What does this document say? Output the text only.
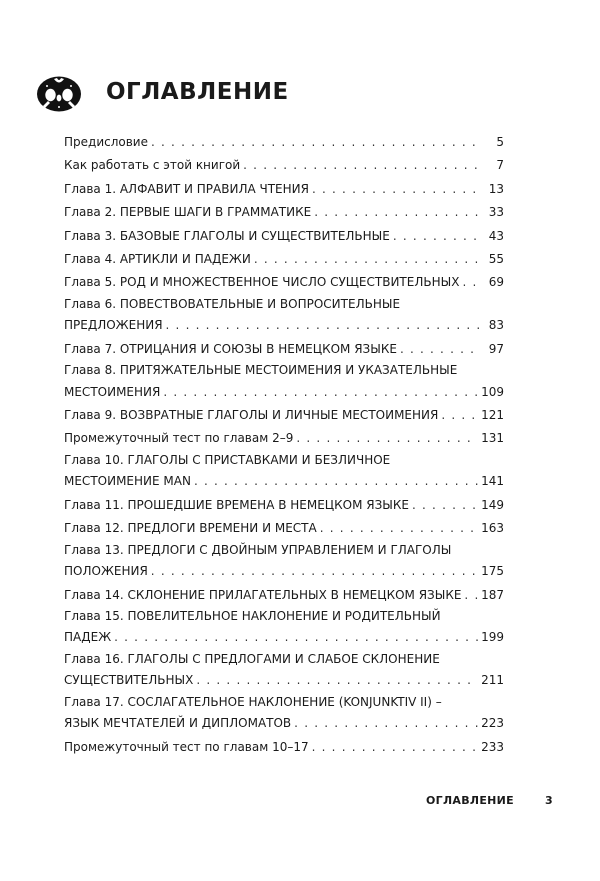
ОГЛАВЛЕНИЕ
Предисловие . . .	5
Как работать с этой книгой . . .	7
Глава 1. АЛФАВИТ И ПРАВИЛА ЧТЕНИЯ . . .	13
Глава 2. ПЕРВЫЕ ШАГИ В ГРАММАТИКЕ . . .	33
Глава 3. БАЗОВЫЕ ГЛАГОЛЫ И СУЩЕСТВИТЕЛЬНЫЕ . . .	43
Глава 4. АРТИКЛИ И ПАДЕЖИ . . .	55
Глава 5. РОД И МНОЖЕСТВЕННОЕ ЧИСЛО СУЩЕСТВИТЕЛЬНЫХ . . .	69
Глава 6. ПОВЕСТВОВАТЕЛЬНЫЕ И ВОПРОСИТЕЛЬНЫЕ
ПРЕДЛОЖЕНИЯ . . .	83
Глава 7. ОТРИЦАНИЯ И СОЮЗЫ В НЕМЕЦКОМ ЯЗЫКЕ . . .	97
Глава 8. ПРИТЯЖАТЕЛЬНЫЕ МЕСТОИМЕНИЯ И УКАЗАТЕЛЬНЫЕ
МЕСТОИМЕНИЯ . . .	109
Глава 9. ВОЗВРАТНЫЕ ГЛАГОЛЫ И ЛИЧНЫЕ МЕСТОИМЕНИЯ . . .	121
Промежуточный тест по главам 2–9 . . .	131
Глава 10. ГЛАГОЛЫ С ПРИСТАВКАМИ И БЕЗЛИЧНОЕ
МЕСТОИМЕНИЕ MAN . . .	141
Глава 11. ПРОШЕДШИЕ ВРЕМЕНА В НЕМЕЦКОМ ЯЗЫКЕ . . .	149
Глава 12. ПРЕДЛОГИ ВРЕМЕНИ И МЕСТА . . .	163
Глава 13. ПРЕДЛОГИ С ДВОЙНЫМ УПРАВЛЕНИЕМ И ГЛАГОЛЫ
ПОЛОЖЕНИЯ . . .	175
Глава 14. СКЛОНЕНИЕ ПРИЛАГАТЕЛЬНЫХ В НЕМЕЦКОМ ЯЗЫКЕ . . . 187
Глава 15. ПОВЕЛИТЕЛЬНОЕ НАКЛОНЕНИЕ И РОДИТЕЛЬНЫЙ
ПАДЕЖ . . .	199
Глава 16. ГЛАГОЛЫ С ПРЕДЛОГАМИ И СЛАБОЕ СКЛОНЕНИЕ
СУЩЕСТВИТЕЛЬНЫХ . . .	211
Глава 17. СОСЛАГАТЕЛЬНОЕ НАКЛОНЕНИЕ (KONJUNKTIV II) –
ЯЗЫК МЕЧТАТЕЛЕЙ И ДИПЛОМАТОВ . . .	223
Промежуточный тест по главам 10–17 . . .	233
ОГЛАВЛЕНИЕ	3
